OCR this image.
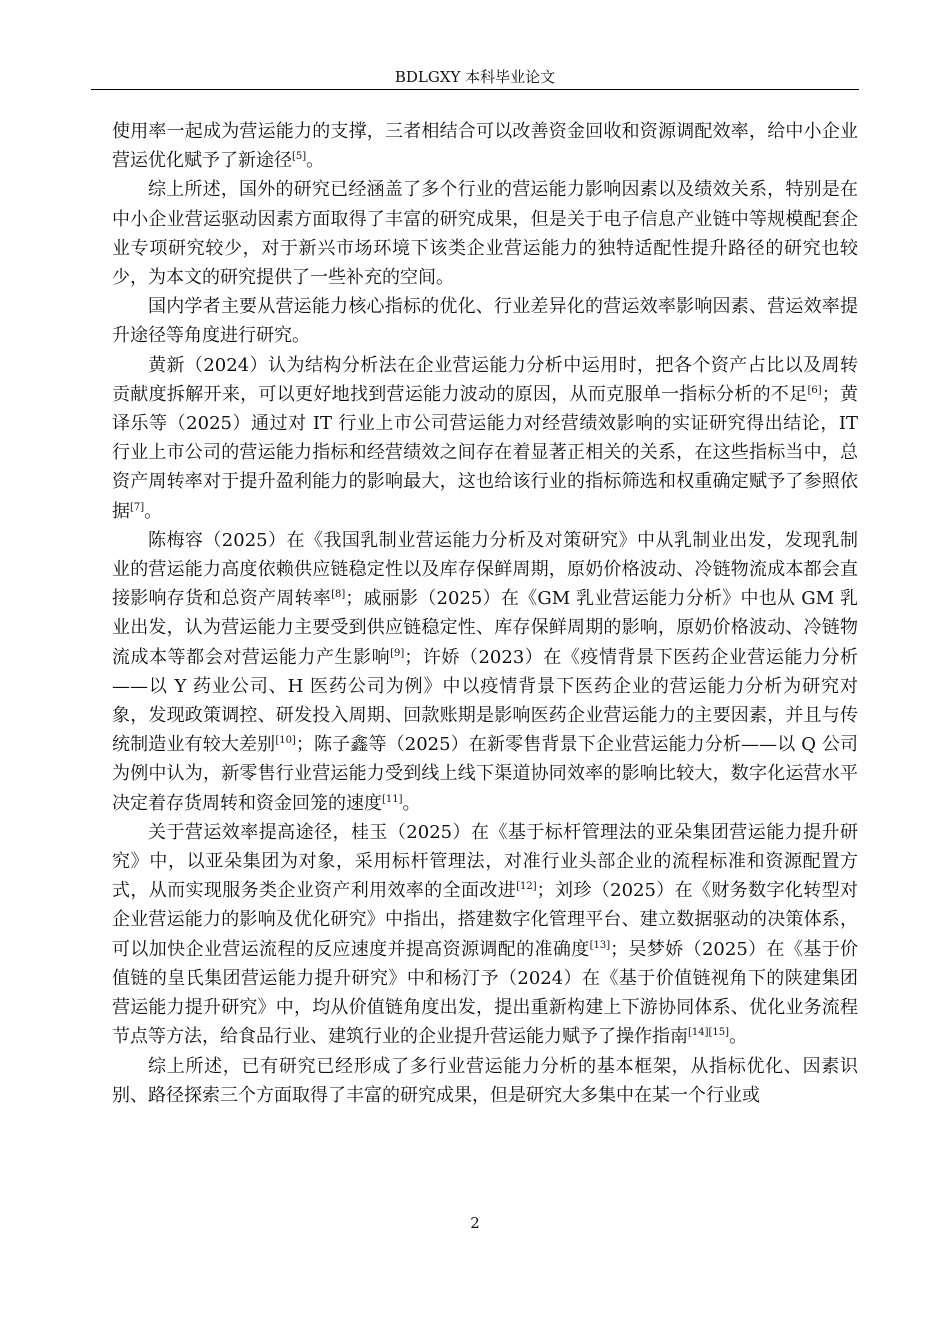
BDLGXY 本科毕业论文

使用率一起成为营运能力的支撑，三者相结合可以改善资金回收和资源调配效率，给中小企业营运优化赋予了新途径[5]。

综上所述，国外的研究已经涵盖了多个行业的营运能力影响因素以及绩效关系，特别是在中小企业营运驱动因素方面取得了丰富的研究成果，但是关于电子信息产业链中等规模配套企业专项研究较少，对于新兴市场环境下该类企业营运能力的独特适配性提升路径的研究也较少，为本文的研究提供了一些补充的空间。

国内学者主要从营运能力核心指标的优化、行业差异化的营运效率影响因素、营运效率提升途径等角度进行研究。

黄新（2024）认为结构分析法在企业营运能力分析中运用时，把各个资产占比以及周转贡献度拆解开来，可以更好地找到营运能力波动的原因，从而克服单一指标分析的不足[6]；黄译乐等（2025）通过对 IT 行业上市公司营运能力对经营绩效影响的实证研究得出结论，IT 行业上市公司的营运能力指标和经营绩效之间存在着显著正相关的关系，在这些指标当中，总资产周转率对于提升盈利能力的影响最大，这也给该行业的指标筛选和权重确定赋予了参照依据[7]。

陈梅容（2025）在《我国乳制业营运能力分析及对策研究》中从乳制业出发，发现乳制业的营运能力高度依赖供应链稳定性以及库存保鲜周期，原奶价格波动、冷链物流成本都会直接影响存货和总资产周转率[8]；戚丽影（2025）在《GM 乳业营运能力分析》中也从 GM 乳业出发，认为营运能力主要受到供应链稳定性、库存保鲜周期的影响，原奶价格波动、冷链物流成本等都会对营运能力产生影响[9]；许娇（2023）在《疫情背景下医药企业营运能力分析——以 Y 药业公司、H 医药公司为例》中以疫情背景下医药企业的营运能力分析为研究对象，发现政策调控、研发投入周期、回款账期是影响医药企业营运能力的主要因素，并且与传统制造业有较大差别[10]；陈子鑫等（2025）在新零售背景下企业营运能力分析——以 Q 公司为例中认为，新零售行业营运能力受到线上线下渠道协同效率的影响比较大，数字化运营水平决定着存货周转和资金回笼的速度[11]。

关于营运效率提高途径，桂玉（2025）在《基于标杆管理法的亚朵集团营运能力提升研究》中，以亚朵集团为对象，采用标杆管理法，对准行业头部企业的流程标准和资源配置方式，从而实现服务类企业资产利用效率的全面改进[12]；刘珍（2025）在《财务数字化转型对企业营运能力的影响及优化研究》中指出，搭建数字化管理平台、建立数据驱动的决策体系，可以加快企业营运流程的反应速度并提高资源调配的准确度[13]；吴梦娇（2025）在《基于价值链的皇氏集团营运能力提升研究》中和杨汀予（2024）在《基于价值链视角下的陕建集团营运能力提升研究》中，均从价值链角度出发，提出重新构建上下游协同体系、优化业务流程节点等方法，给食品行业、建筑行业的企业提升营运能力赋予了操作指南[14][15]。

综上所述，已有研究已经形成了多行业营运能力分析的基本框架，从指标优化、因素识别、路径探索三个方面取得了丰富的研究成果，但是研究大多集中在某一个行业或

2
